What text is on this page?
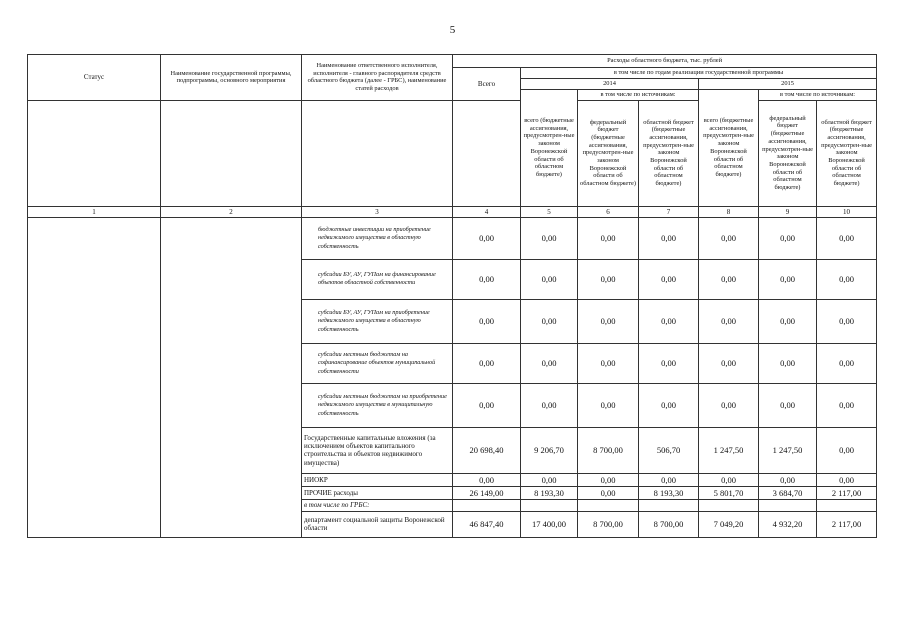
5
Статус	Наименование государственной программы, подпрограммы, основного мероприятия	Наименование ответственного исполнителя, исполнителя - главного распорядителя средств областного бюджета (далее - ГРБС), наименование статей расходов	Расходы областного бюджета, тыс. рублей						
			Всего	в том числе по годам реализации государственной программы					
				2014			2015		
				всего (бюджетные ассигнования, предусмотрен-ные законом Воронежской области об областном бюджете)	в том числе по источникам:		всего (бюджетные ассигнования, предусмотрен-ные законом Воронежской области об областном бюджете)	в том числе по источникам:	
					федеральный бюджет (бюджетные ассигнования, предусмотрен-ные законом Воронежской области об областном бюджете)	областной бюджет (бюджетные ассигнования, предусмотрен-ные законом Воронежской области об областном бюджете)		федеральный бюджет (бюджетные ассигнования, предусмотрен-ные законом Воронежской области об областном бюджете)	областной бюджет (бюджетные ассигнования, предусмотрен-ные законом Воронежской области об областном бюджете)
1	2	3	4	5	6	7	8	9	10
		бюджетные инвестиции на приобретение недвижимого имущества в областную собственность	0,00	0,00	0,00	0,00	0,00	0,00	0,00
		субсидии БУ, АУ, ГУПам на финансирование объектов областной собственности	0,00	0,00	0,00	0,00	0,00	0,00	0,00
		субсидии БУ, АУ, ГУПам на приобретение недвижимого имущества в областную собственность	0,00	0,00	0,00	0,00	0,00	0,00	0,00
		субсидии местным бюджетам на софинансирование объектов муниципальной собственности	0,00	0,00	0,00	0,00	0,00	0,00	0,00
		субсидии местным бюджетам на приобретение недвижимого имущества в муниципальную собственность	0,00	0,00	0,00	0,00	0,00	0,00	0,00
		Государственные капитальные вложения (за исключением объектов капитального строительства и объектов недвижимого имущества)	20 698,40	9 206,70	8 700,00	506,70	1 247,50	1 247,50	0,00
		НИОКР	0,00	0,00	0,00	0,00	0,00	0,00	0,00
		ПРОЧИЕ расходы	26 149,00	8 193,30	0,00	8 193,30	5 801,70	3 684,70	2 117,00
		в том числе по ГРБС:							
		департамент социальной защиты Воронежской области	46 847,40	17 400,00	8 700,00	8 700,00	7 049,20	4 932,20	2 117,00
